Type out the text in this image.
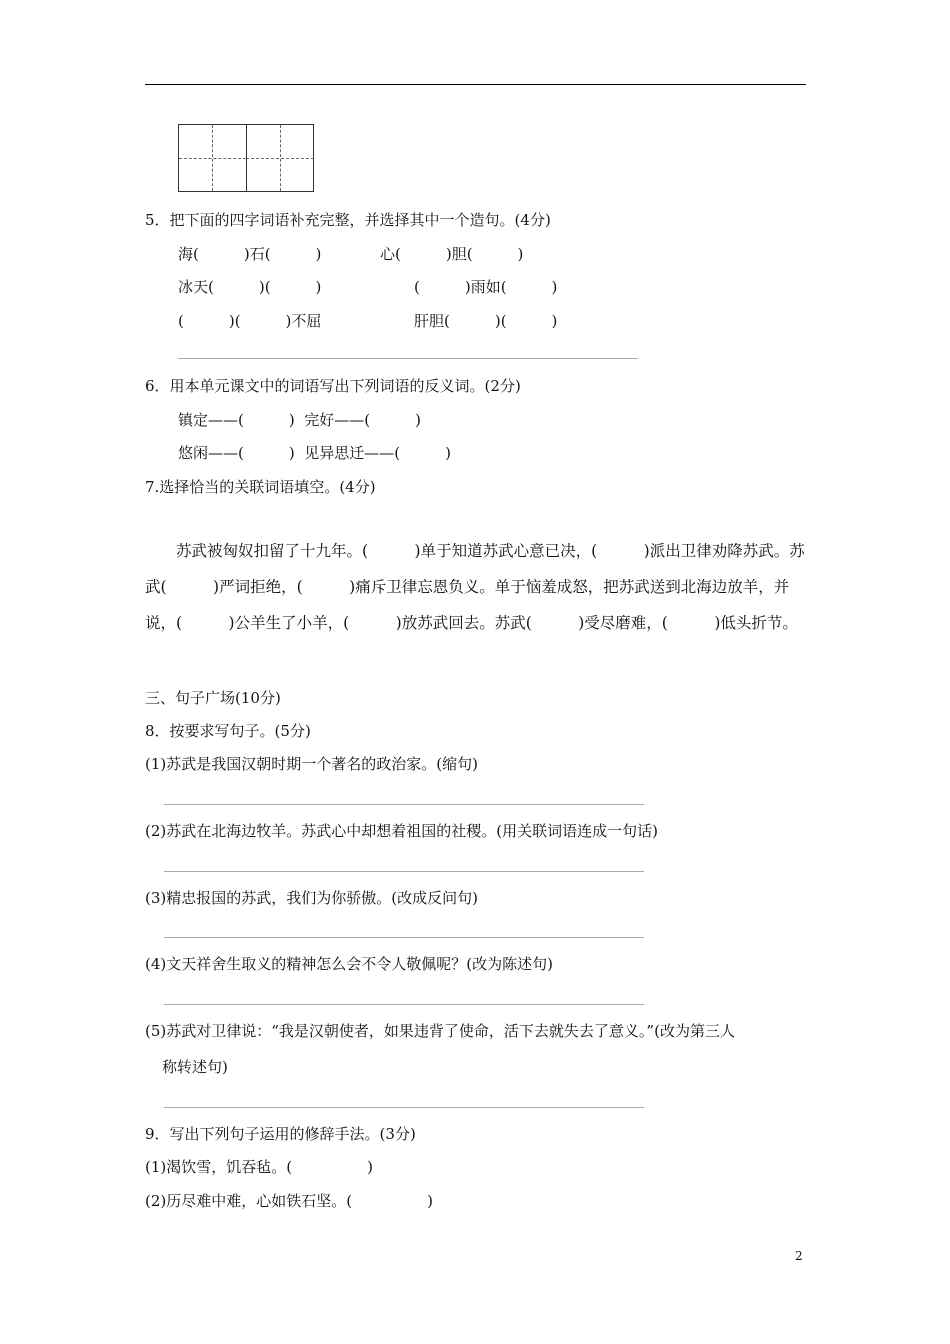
5．把下面的四字词语补充完整，并选择其中一个造句。(4分)
海(　　　)石(　　　)	心(　　　)胆(　　　)
冰天(　　　)(　　　)	(　　　)雨如(　　　)
(　　　)(　　　)不屈	肝胆(　　　)(　　　)
6．用本单元课文中的词语写出下列词语的反义词。(2分)
镇定——(　　　)  完好——(　　　)
悠闲——(　　　)  见异思迁——(　　　)
7.选择恰当的关联词语填空。(4分)
苏武被匈奴扣留了十九年。(　　　)单于知道苏武心意已决，(　　　)派出卫律劝降苏武。苏武(　　　)严词拒绝，(　　　)痛斥卫律忘恩负义。单于恼羞成怒，把苏武送到北海边放羊，并说，(　　　)公羊生了小羊，(　　　)放苏武回去。苏武(　　　)受尽磨难，(　　　)低头折节。
三、句子广场(10分)
8．按要求写句子。(5分)
(1)苏武是我国汉朝时期一个著名的政治家。(缩句)
(2)苏武在北海边牧羊。苏武心中却想着祖国的社稷。(用关联词语连成一句话)
(3)精忠报国的苏武，我们为你骄傲。(改成反问句)
(4)文天祥舍生取义的精神怎么会不令人敬佩呢？(改为陈述句)
(5)苏武对卫律说：“我是汉朝使者，如果违背了使命，活下去就失去了意义。”(改为第三人
称转述句)
9．写出下列句子运用的修辞手法。(3分)
(1)渴饮雪，饥吞毡。(　　　　　)
(2)历尽难中难，心如铁石坚。(　　　　　)
2
